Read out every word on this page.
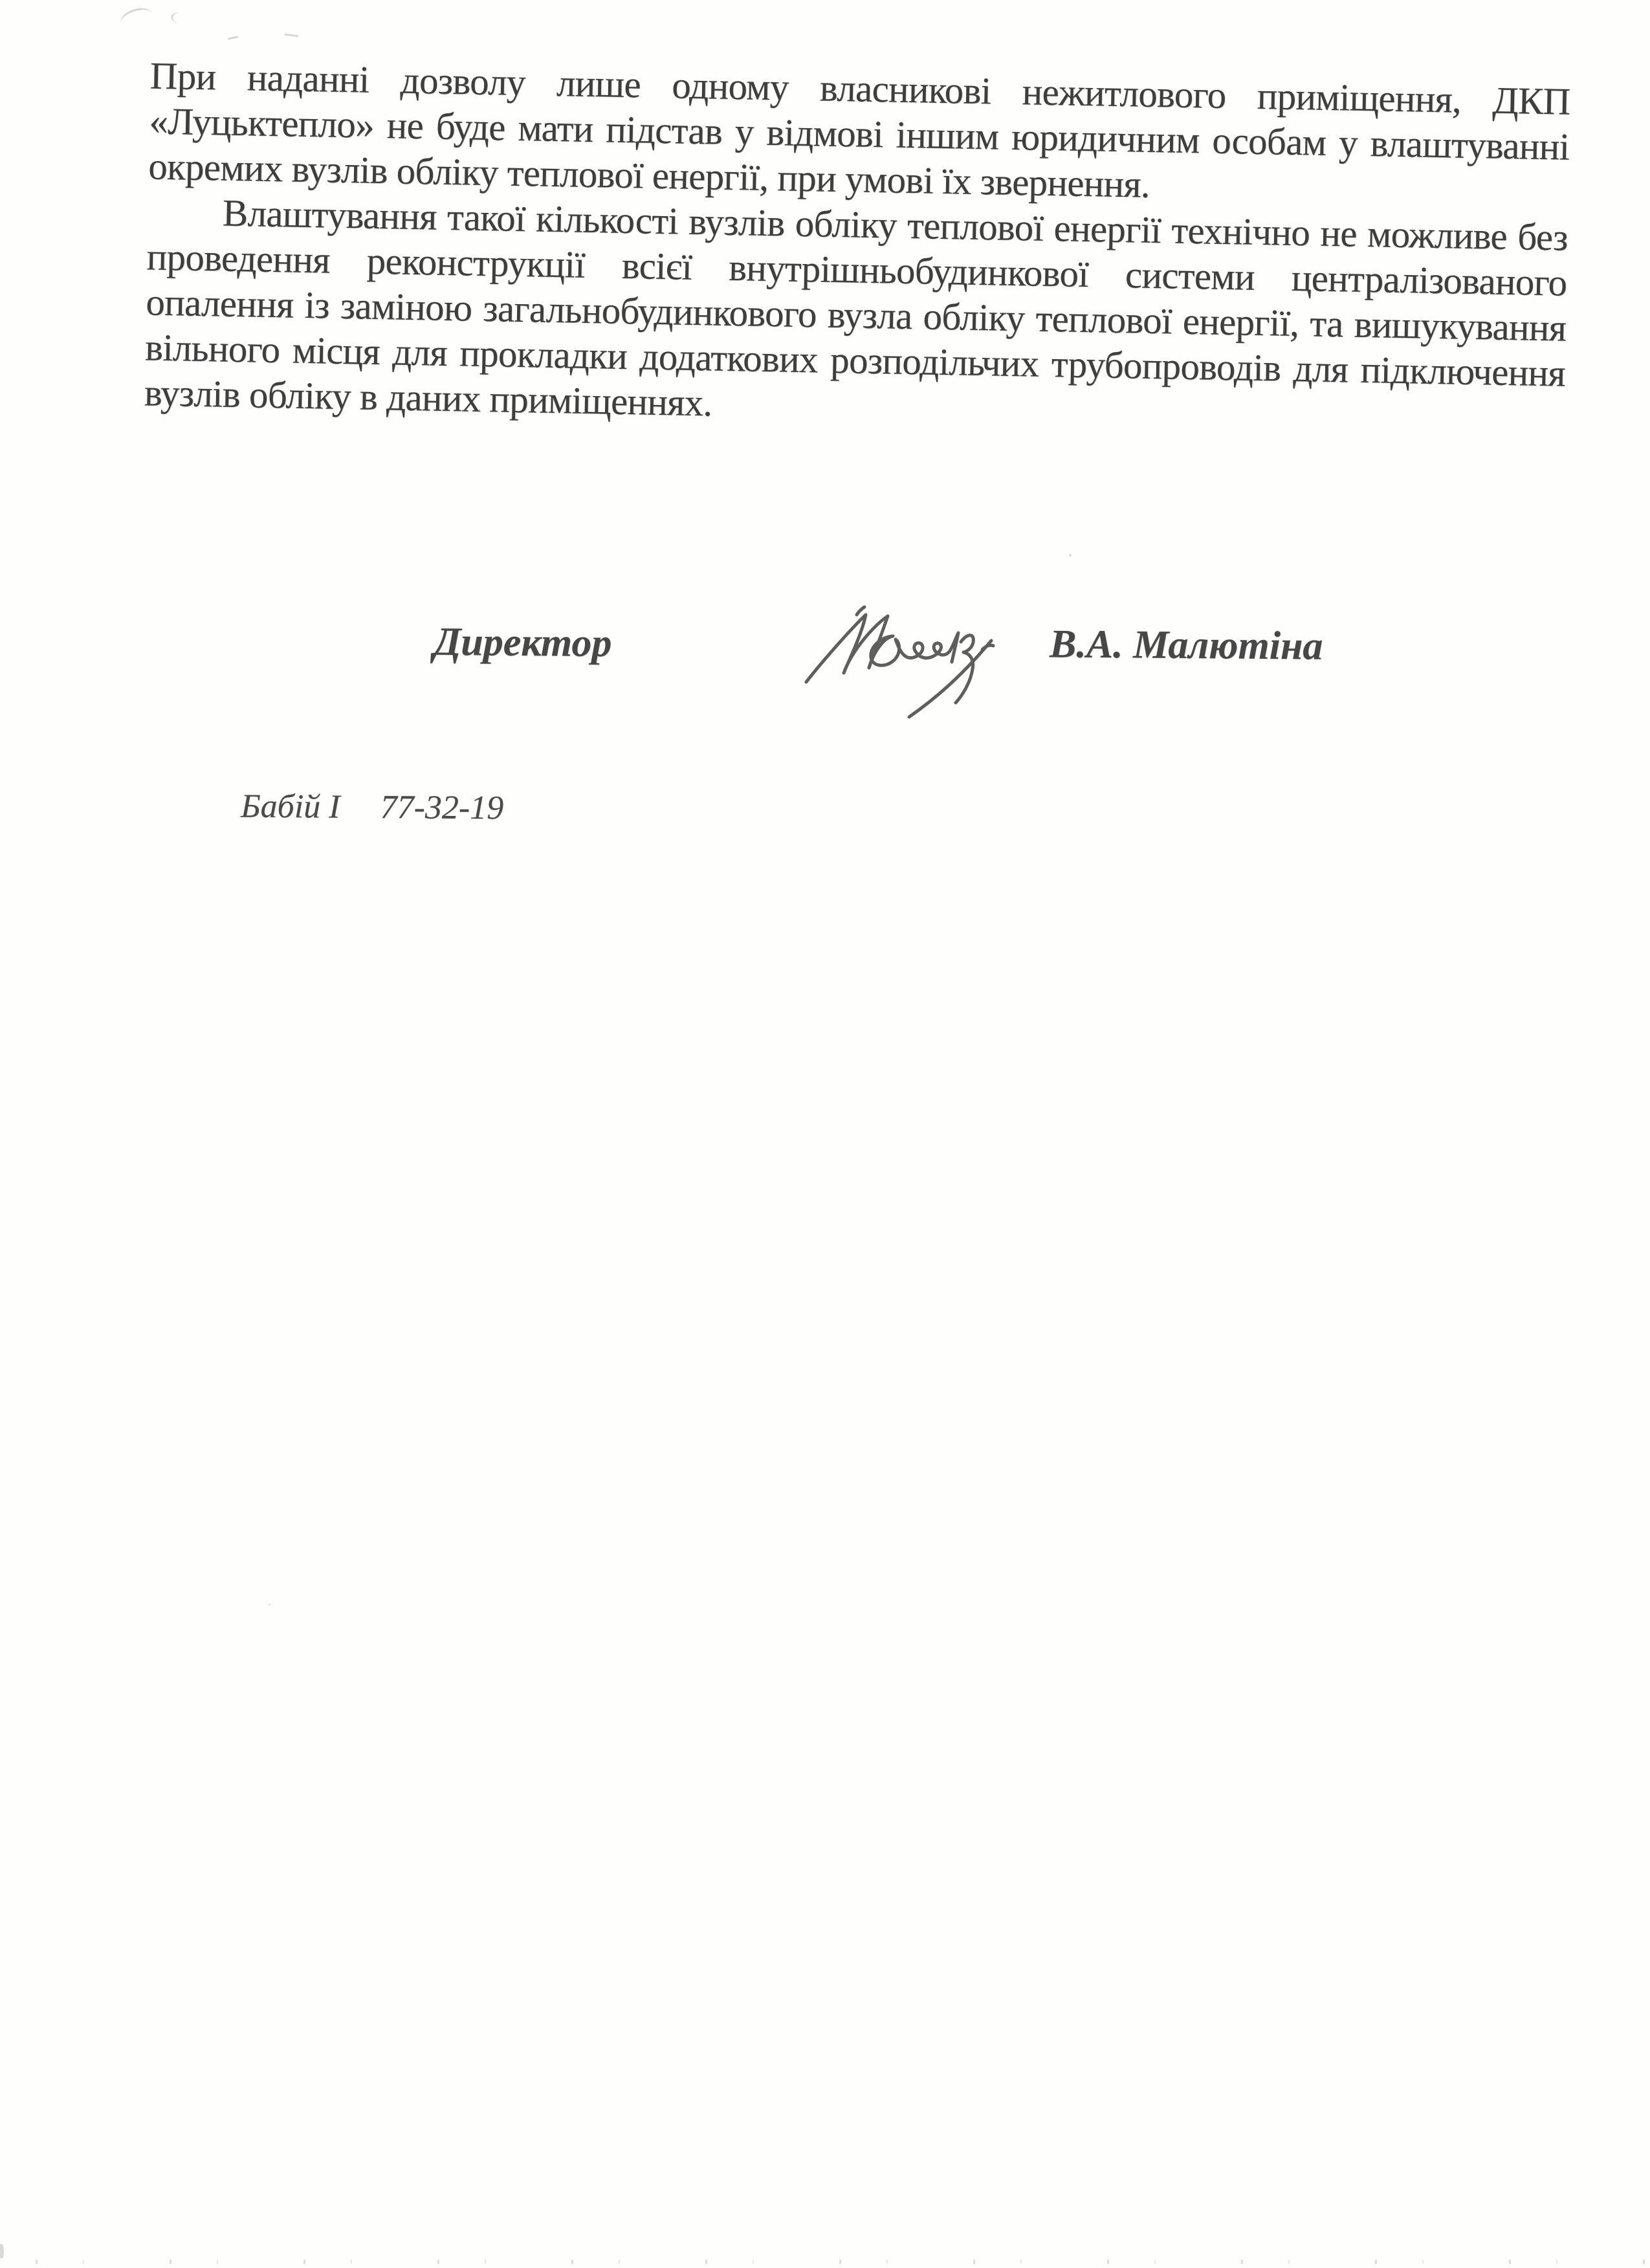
При наданні дозволу лише одному власникові нежитлового приміщення, ДКП «Луцьктепло» не буде мати підстав у відмові іншим юридичним особам у влаштуванні окремих вузлів обліку теплової енергії, при умові їх звернення.

Влаштування такої кількості вузлів обліку теплової енергії технічно не можливе без проведення реконструкції всієї внутрішньобудинкової системи централізованого опалення із заміною загальнобудинкового вузла обліку теплової енергії, та вишукування вільного місця для прокладки додаткових розподільчих трубопроводів для підключення вузлів обліку в даних приміщеннях.

Директор	В.А. Малютіна
Бабій І 77-32-19
